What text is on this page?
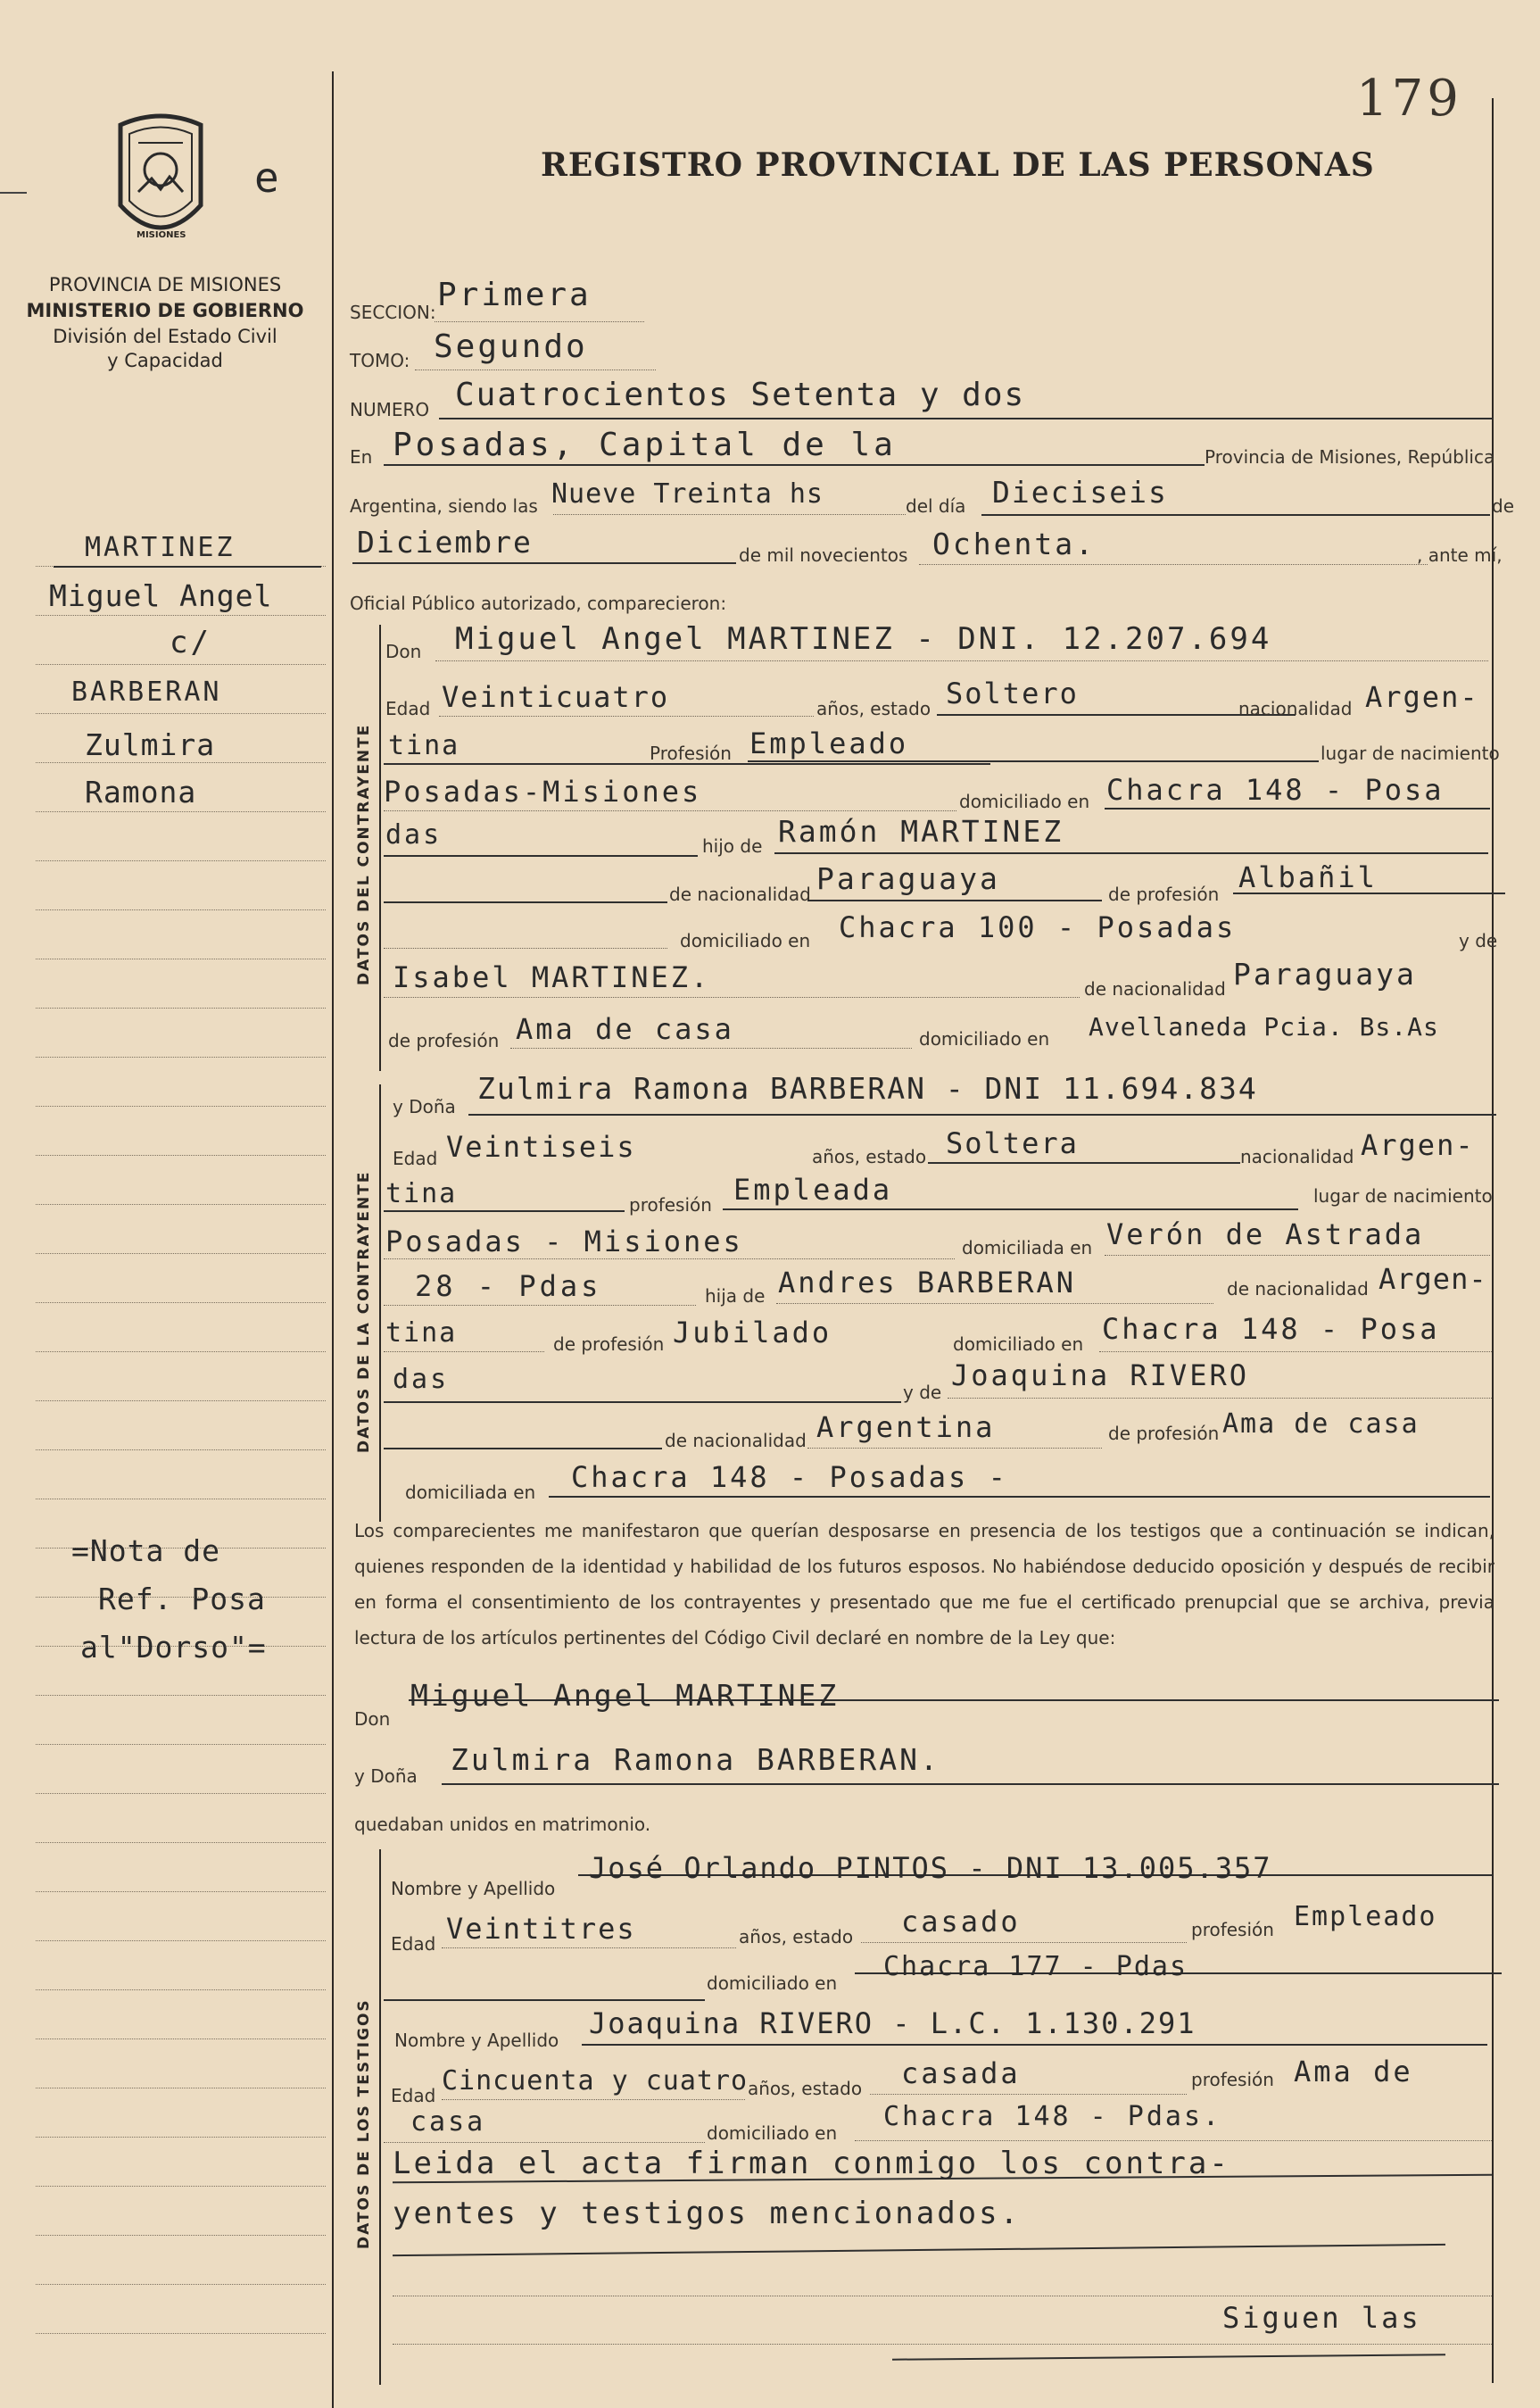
MISIONES
e
PROVINCIA DE MISIONES
MINISTERIO DE GOBIERNO
División del Estado Civil
y Capacidad
MARTINEZ
Miguel Angel
c/
BARBERAN
Zulmira
Ramona
=Nota de
Ref. Posa
al"Dorso"=
179
REGISTRO PROVINCIAL DE LAS PERSONAS
SECCION: Primera
TOMO: Segundo
NUMERO Cuatrocientos Setenta y dos
En Posadas, Capital de la	Provincia de Misiones, República
Argentina, siendo las Nueve Treinta hs	del día Dieciseis	de
Diciembre	de mil novecientos Ochenta.	, ante mí,
Oficial Público autorizado, comparecieron:
DATOS DEL CONTRAYENTE
Don Miguel Angel MARTINEZ - DNI. 12.207.694
Edad Veinticuatro	años, estado Soltero	nacionalidad Argen-
tina	Profesión Empleado	lugar de nacimiento
Posadas-Misiones	domiciliado en Chacra 148 - Posa
das	hijo de Ramón MARTINEZ
de nacionalidad Paraguaya	de profesión Albañil
domiciliado en Chacra 100 - Posadas	y de
Isabel MARTINEZ.	de nacionalidad Paraguaya
de profesión Ama de casa	domiciliado en Avellaneda Pcia. Bs.As
DATOS DE LA CONTRAYENTE
y Doña
Zulmira Ramona BARBERAN - DNI 11.694.834
Edad Veintiseis	años, estado Soltera	nacionalidad Argen-
tina	profesión Empleada	lugar de nacimiento
Posadas - Misiones	domiciliada en Verón de Astrada
28 - Pdas	hija de Andres BARBERAN	de nacionalidad Argen-
tina	de profesión Jubilado	domiciliado en Chacra 148 - Posa
das	y de Joaquina RIVERO
de nacionalidad Argentina	de profesión Ama de casa
domiciliada en Chacra 148 - Posadas -
Los comparecientes me manifestaron que querían desposarse en presencia de los testigos que a continuación se indican, quienes responden de la identidad y habilidad de los futuros esposos. No habiéndose deducido oposición y después de recibir en forma el consentimiento de los contrayentes y presentado que me fue el certificado prenupcial que se archiva, previa lectura de los artículos pertinentes del Código Civil declaré en nombre de la Ley que:
Don
Miguel Angel MARTINEZ
y Doña Zulmira Ramona BARBERAN.
quedaban unidos en matrimonio.
DATOS DE LOS TESTIGOS
Nombre y Apellido
José Orlando PINTOS - DNI 13.005.357
Edad Veintitres	años, estado casado	profesión Empleado
domiciliado en
Chacra 177 - Pdas
Nombre y Apellido Joaquina RIVERO - L.C. 1.130.291
Edad Cincuenta y cuatro años, estado casada	profesión Ama de
casa	domiciliado en
Chacra 148 - Pdas.
Leida el acta firman conmigo los contra-
yentes y testigos mencionados.
Siguen las
